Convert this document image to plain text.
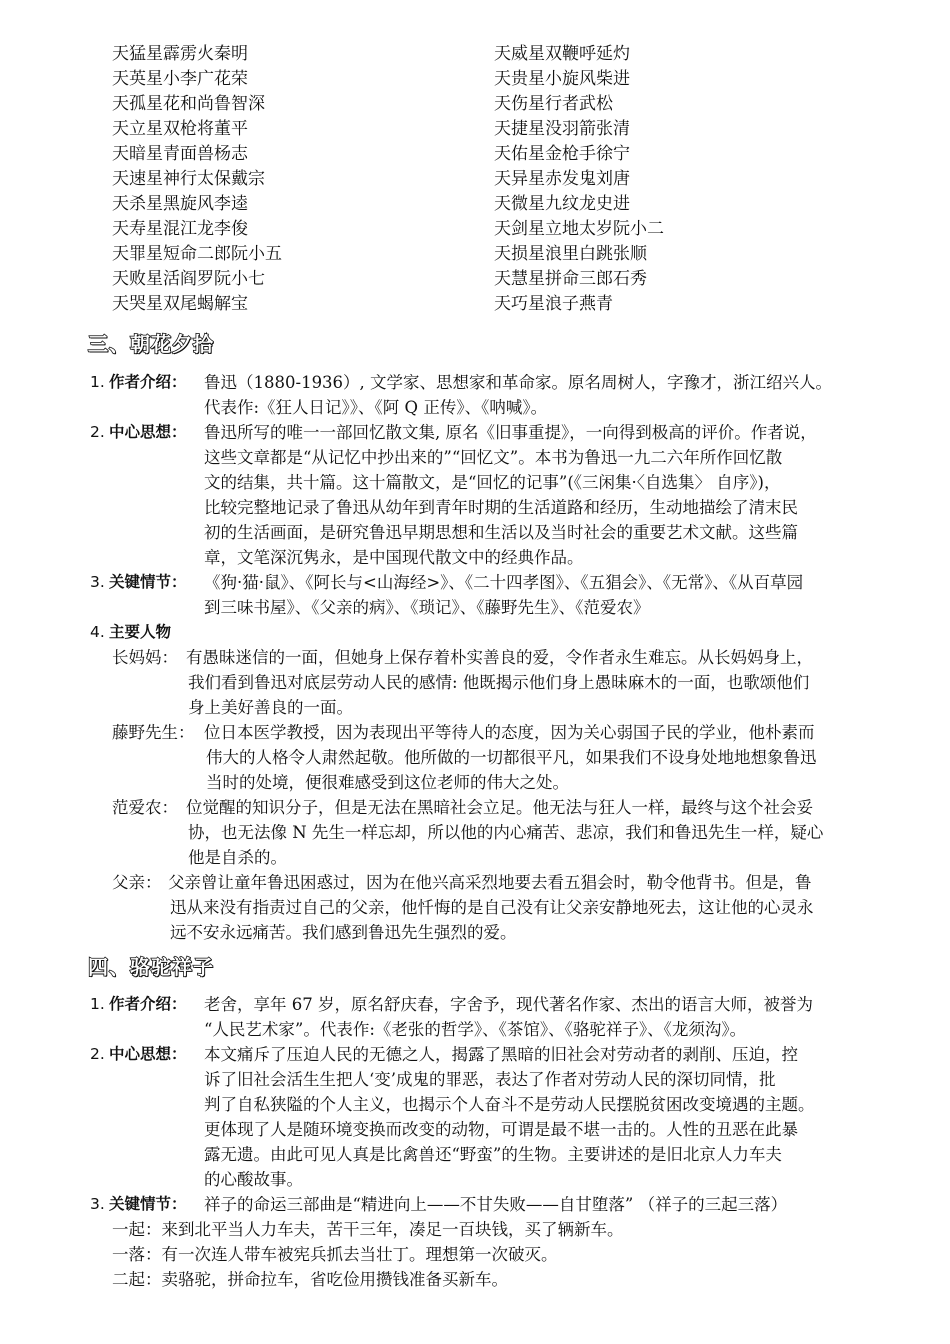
天猛星霹雳火秦明	天威星双鞭呼延灼
天英星小李广花荣	天贵星小旋风柴进
天孤星花和尚鲁智深	天伤星行者武松
天立星双枪将董平	天捷星没羽箭张清
天暗星青面兽杨志	天佑星金枪手徐宁
天速星神行太保戴宗	天异星赤发鬼刘唐
天杀星黑旋风李逵	天微星九纹龙史进
天寿星混江龙李俊	天剑星立地太岁阮小二
天罪星短命二郎阮小五	天损星浪里白跳张顺
天败星活阎罗阮小七	天慧星拼命三郎石秀
天哭星双尾蝎解宝	天巧星浪子燕青
三、朝花夕拾
1. 作者介绍： 鲁迅（1880-1936）, 文学家、思想家和革命家。原名周树人，字豫才，浙江绍兴人。
代表作:《狂人日记》》、《阿 Q 正传》、《呐喊》。
2. 中心思想： 鲁迅所写的唯一一部回忆散文集, 原名《旧事重提》，一向得到极高的评价。作者说，
这些文章都是“从记忆中抄出来的”“回忆文”。本书为鲁迅一九二六年所作回忆散
文的结集，共十篇。这十篇散文，是“回忆的记事”(《三闲集·〈自选集〉 自序》)，
比较完整地记录了鲁迅从幼年到青年时期的生活道路和经历，生动地描绘了清末民
初的生活画面，是研究鲁迅早期思想和生活以及当时社会的重要艺术文献。这些篇
章，文笔深沉隽永，是中国现代散文中的经典作品。
3. 关键情节： 《狗·猫·鼠》、《阿长与<山海经>》、《二十四孝图》、《五猖会》、《无常》、《从百草园
到三味书屋》、《父亲的病》、《琐记》、《藤野先生》、《范爱农》
4. 主要人物

长妈妈： 有愚昧迷信的一面，但她身上保存着朴实善良的爱，令作者永生难忘。从长妈妈身上，
我们看到鲁迅对底层劳动人民的感情: 他既揭示他们身上愚昧麻木的一面，也歌颂他们
身上美好善良的一面。
藤野先生： 位日本医学教授，因为表现出平等待人的态度，因为关心弱国子民的学业，他朴素而
伟大的人格令人肃然起敬。他所做的一切都很平凡，如果我们不设身处地地想象鲁迅
当时的处境，便很难感受到这位老师的伟大之处。
范爱农： 位觉醒的知识分子，但是无法在黑暗社会立足。他无法与狂人一样，最终与这个社会妥
协，也无法像 N 先生一样忘却，所以他的内心痛苦、悲凉，我们和鲁迅先生一样，疑心
他是自杀的。
父亲： 父亲曾让童年鲁迅困惑过，因为在他兴高采烈地要去看五猖会时，勒令他背书。但是，鲁
迅从来没有指责过自己的父亲，他忏悔的是自己没有让父亲安静地死去，这让他的心灵永
远不安永远痛苦。我们感到鲁迅先生强烈的爱。
四、骆驼祥子
1. 作者介绍： 老舍，享年 67 岁，原名舒庆春，字舍予，现代著名作家、杰出的语言大师，被誉为
“人民艺术家”。代表作:《老张的哲学》、《茶馆》、《骆驼祥子》、《龙须沟》。
2. 中心思想： 本文痛斥了压迫人民的无德之人，揭露了黑暗的旧社会对劳动者的剥削、压迫，控
诉了旧社会活生生把人‘变’成鬼的罪恶，表达了作者对劳动人民的深切同情，批
判了自私狭隘的个人主义，也揭示个人奋斗不是劳动人民摆脱贫困改变境遇的主题。
更体现了人是随环境变换而改变的动物，可谓是最不堪一击的。人性的丑恶在此暴
露无遗。由此可见人真是比禽兽还“野蛮”的生物。主要讲述的是旧北京人力车夫
的心酸故事。
3. 关键情节： 祥子的命运三部曲是“精进向上——不甘失败——自甘堕落” （祥子的三起三落）
一起：来到北平当人力车夫，苦干三年，凑足一百块钱，买了辆新车。
一落：有一次连人带车被宪兵抓去当壮丁。理想第一次破灭。
二起：卖骆驼，拼命拉车，省吃俭用攒钱准备买新车。
